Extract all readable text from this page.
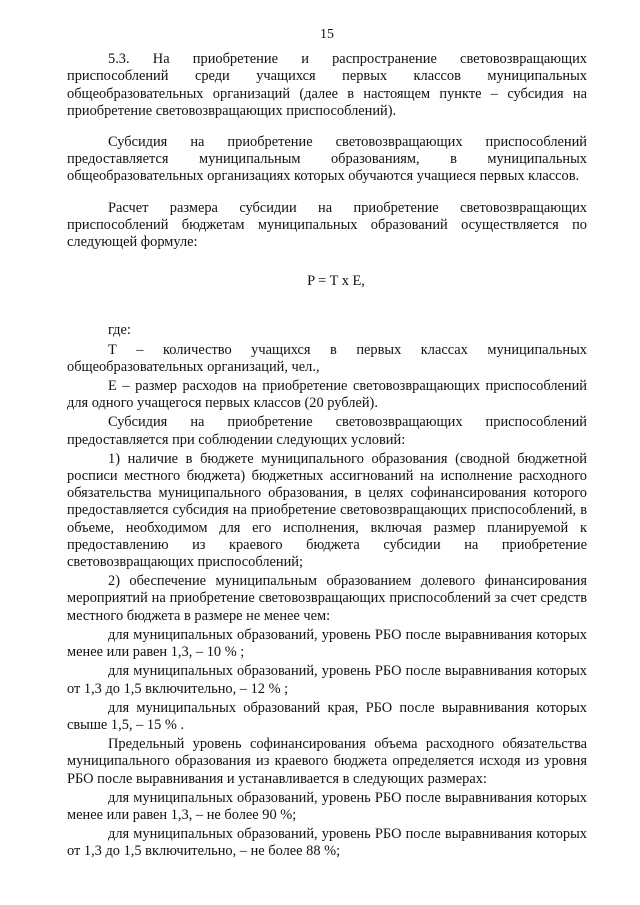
15

5.3. На приобретение и распространение световозвращающих приспособлений среди учащихся первых классов муниципальных общеобразовательных организаций (далее в настоящем пункте – субсидия на приобретение световозвращающих приспособлений).

Субсидия на приобретение световозвращающих приспособлений предоставляется муниципальным образованиям, в муниципальных общеобразовательных организациях которых обучаются учащиеся первых классов.

Расчет размера субсидии на приобретение световозвращающих приспособлений бюджетам муниципальных образований осуществляется по следующей формуле:

P = T x E,

где:

Т – количество учащихся в первых классах муниципальных общеобразовательных организаций, чел.,

Е – размер расходов на приобретение световозвращающих приспособлений для одного учащегося первых классов (20 рублей).

Субсидия на приобретение световозвращающих приспособлений предоставляется при соблюдении следующих условий:

1) наличие в бюджете муниципального образования (сводной бюджетной росписи местного бюджета) бюджетных ассигнований на исполнение расходного обязательства муниципального образования, в целях софинансирования которого предоставляется субсидия на приобретение световозвращающих приспособлений, в объеме, необходимом для его исполнения, включая размер планируемой к предоставлению из краевого бюджета субсидии на приобретение световозвращающих приспособлений;

2) обеспечение муниципальным образованием долевого финансирования мероприятий на приобретение световозвращающих приспособлений за счет средств местного бюджета в размере не менее чем:

для муниципальных образований, уровень РБО после выравнивания которых менее или равен 1,3, – 10 % ;

для муниципальных образований, уровень РБО после выравнивания которых от 1,3 до 1,5 включительно, – 12 % ;

для муниципальных образований края, РБО после выравнивания которых свыше 1,5, – 15 % .

Предельный уровень софинансирования объема расходного обязательства муниципального образования из краевого бюджета определяется исходя из уровня РБО после выравнивания и устанавливается в следующих размерах:

для муниципальных образований, уровень РБО после выравнивания которых менее или равен 1,3, – не более 90 %;

для муниципальных образований, уровень РБО после выравнивания которых от 1,3 до 1,5 включительно, – не более 88 %;
